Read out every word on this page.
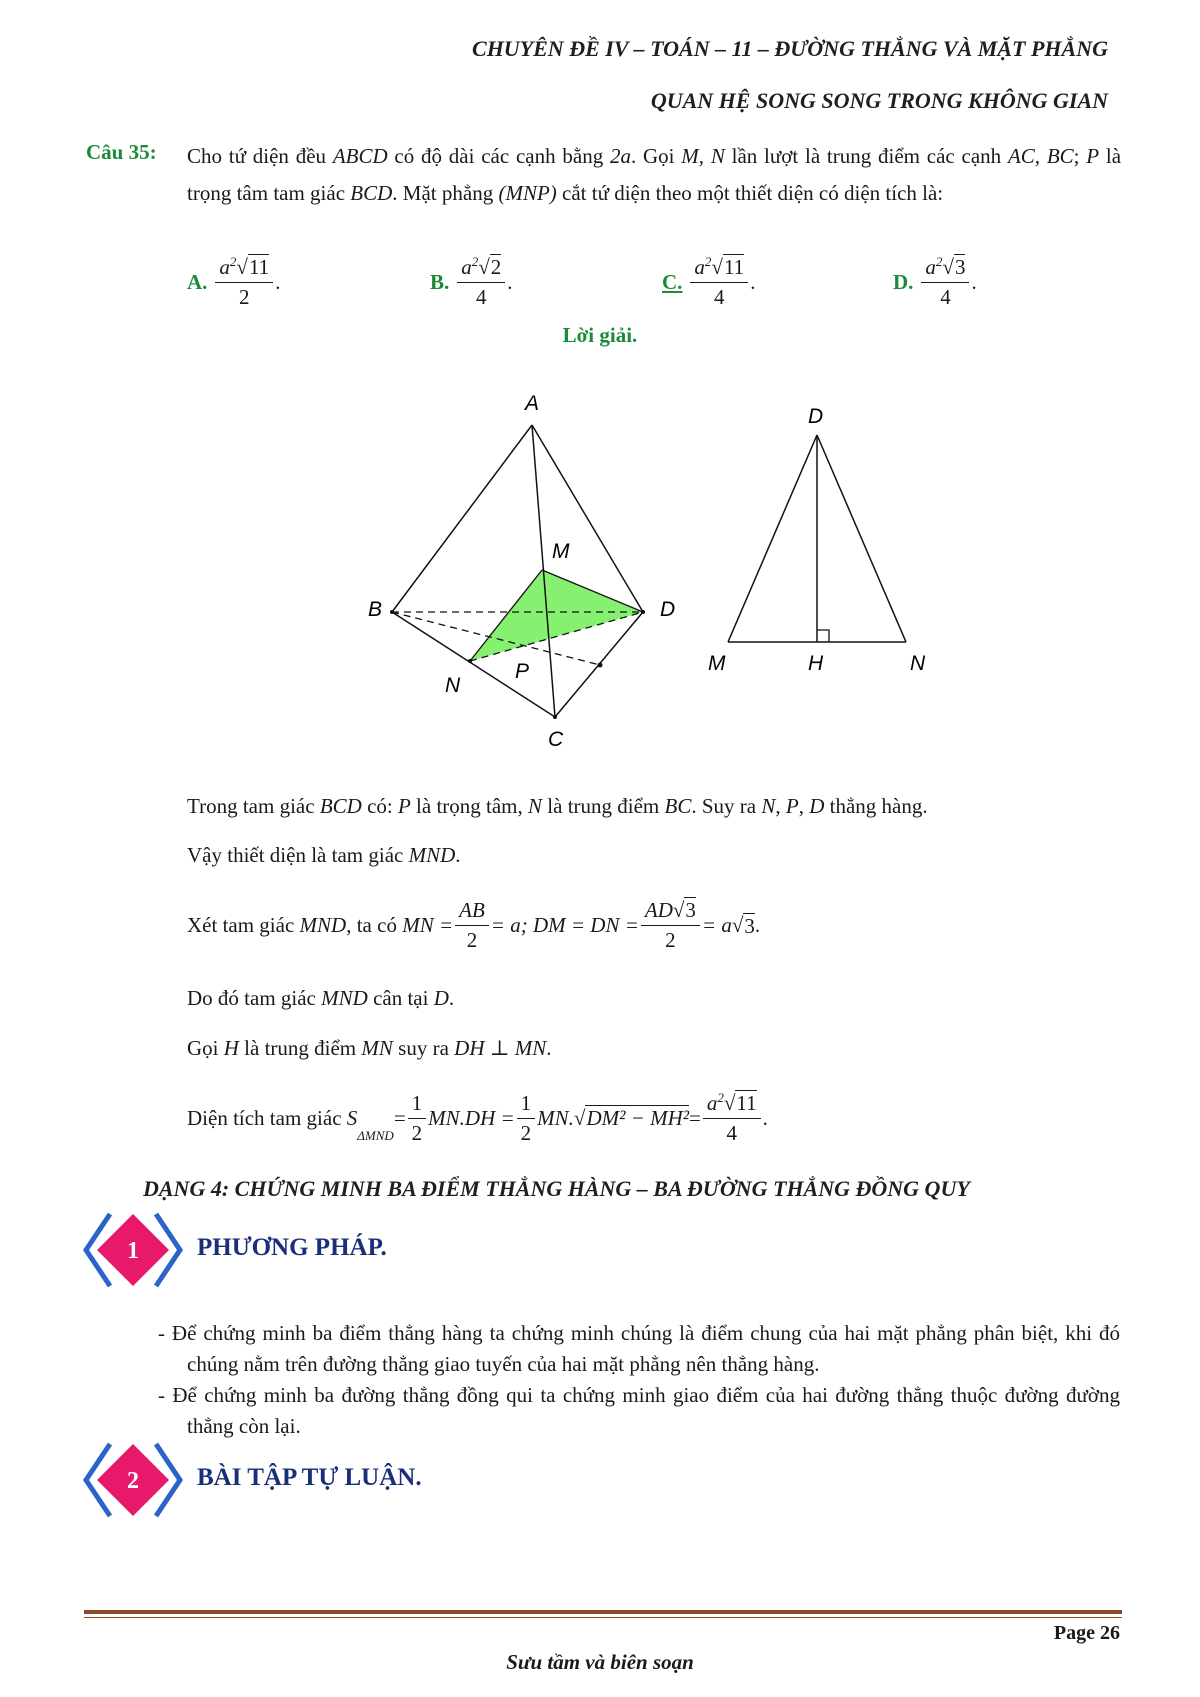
CHUYÊN ĐỀ IV – TOÁN – 11 – ĐƯỜNG THẲNG VÀ MẶT PHẲNG
QUAN HỆ SONG SONG TRONG KHÔNG GIAN
Câu 35: Cho tứ diện đều ABCD có độ dài các cạnh bằng 2a. Gọi M, N lần lượt là trung điểm các cạnh AC, BC; P là trọng tâm tam giác BCD. Mặt phẳng (MNP) cắt tứ diện theo một thiết diện có diện tích là:
A. $\frac{a^2√11}{2}$ .	B. $\frac{a^2√2}{4}$ .	C. $\frac{a^2√11}{4}$ .	D. $\frac{a^2√3}{4}$ .
Lời giải.
A
B
C
D
M
N
P
D
M	H	N
Trong tam giác BCD có: P là trọng tâm, N là trung điểm BC. Suy ra N, P, D thẳng hàng.
Vậy thiết diện là tam giác MND.
Xét tam giác
MND , ta có
MN = $\frac{AB}{2} = a$;
DM = DN = $\frac{AD√3}{2} = a$ √ 3 .
Do đó tam giác MND cân tại D.
Gọi H là trung điểm MN suy ra DH ⊥ MN.
Diện tích tam giác
S
ΔMND
= $\frac{1}{2} MN.DH = \frac{1}{2}$ MN. √ $DM^2 - MH^2 = \frac{a^2√11}{4}$ .
DẠNG 4: CHỨNG MINH BA ĐIỂM THẲNG HÀNG – BA ĐƯỜNG THẲNG ĐỒNG QUY
1 PHƯƠNG PHÁP.

- Để chứng minh ba điểm thẳng hàng ta chứng minh chúng là điểm chung của hai mặt phẳng phân biệt, khi đó chúng nằm trên đường thẳng giao tuyến của hai mặt phẳng nên thẳng hàng.

- Để chứng minh ba đường thẳng đồng qui ta chứng minh giao điểm của hai đường thẳng thuộc đường đường thẳng còn lại.

2 BÀI TẬP TỰ LUẬN.
Page 26
Sưu tầm và biên soạn
